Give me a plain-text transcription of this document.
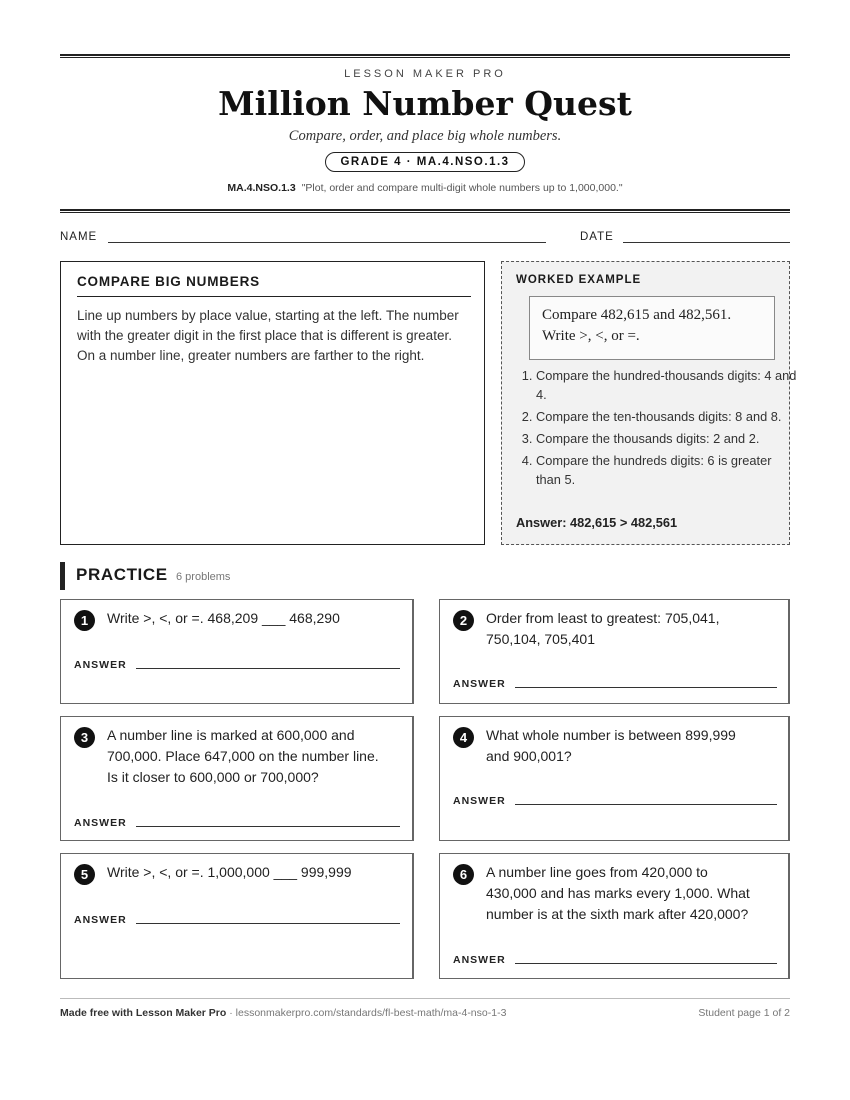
LESSON MAKER PRO
Million Number Quest
Compare, order, and place big whole numbers.
GRADE 4 · MA.4.NSO.1.3
MA.4.NSO.1.3 "Plot, order and compare multi-digit whole numbers up to 1,000,000."
NAME	DATE
COMPARE BIG NUMBERS
Line up numbers by place value, starting at the left. The number with the greater digit in the first place that is different is greater. On a number line, greater numbers are farther to the right.
WORKED EXAMPLE
Compare 482,615 and 482,561.
Write >, <, or =.
1. Compare the hundred-thousands digits: 4 and 4.
2. Compare the ten-thousands digits: 8 and 8.
3. Compare the thousands digits: 2 and 2.
4. Compare the hundreds digits: 6 is greater than 5.
Answer: 482,615 > 482,561
PRACTICE 6 problems
1	Write >, <, or =. 468,209 ___ 468,290
ANSWER
2	Order from least to greatest: 705,041,
750,104, 705,401
ANSWER
3	A number line is marked at 600,000 and
700,000. Place 647,000 on the number line.
Is it closer to 600,000 or 700,000?
ANSWER
4	What whole number is between 899,999
and 900,001?
ANSWER
5	Write >, <, or =. 1,000,000 ___ 999,999
ANSWER
6	A number line goes from 420,000 to
430,000 and has marks every 1,000. What
number is at the sixth mark after 420,000?
ANSWER
Made free with Lesson Maker Pro · lessonmakerpro.com/standards/fl-best-math/ma-4-nso-1-3	Student page 1 of 2
